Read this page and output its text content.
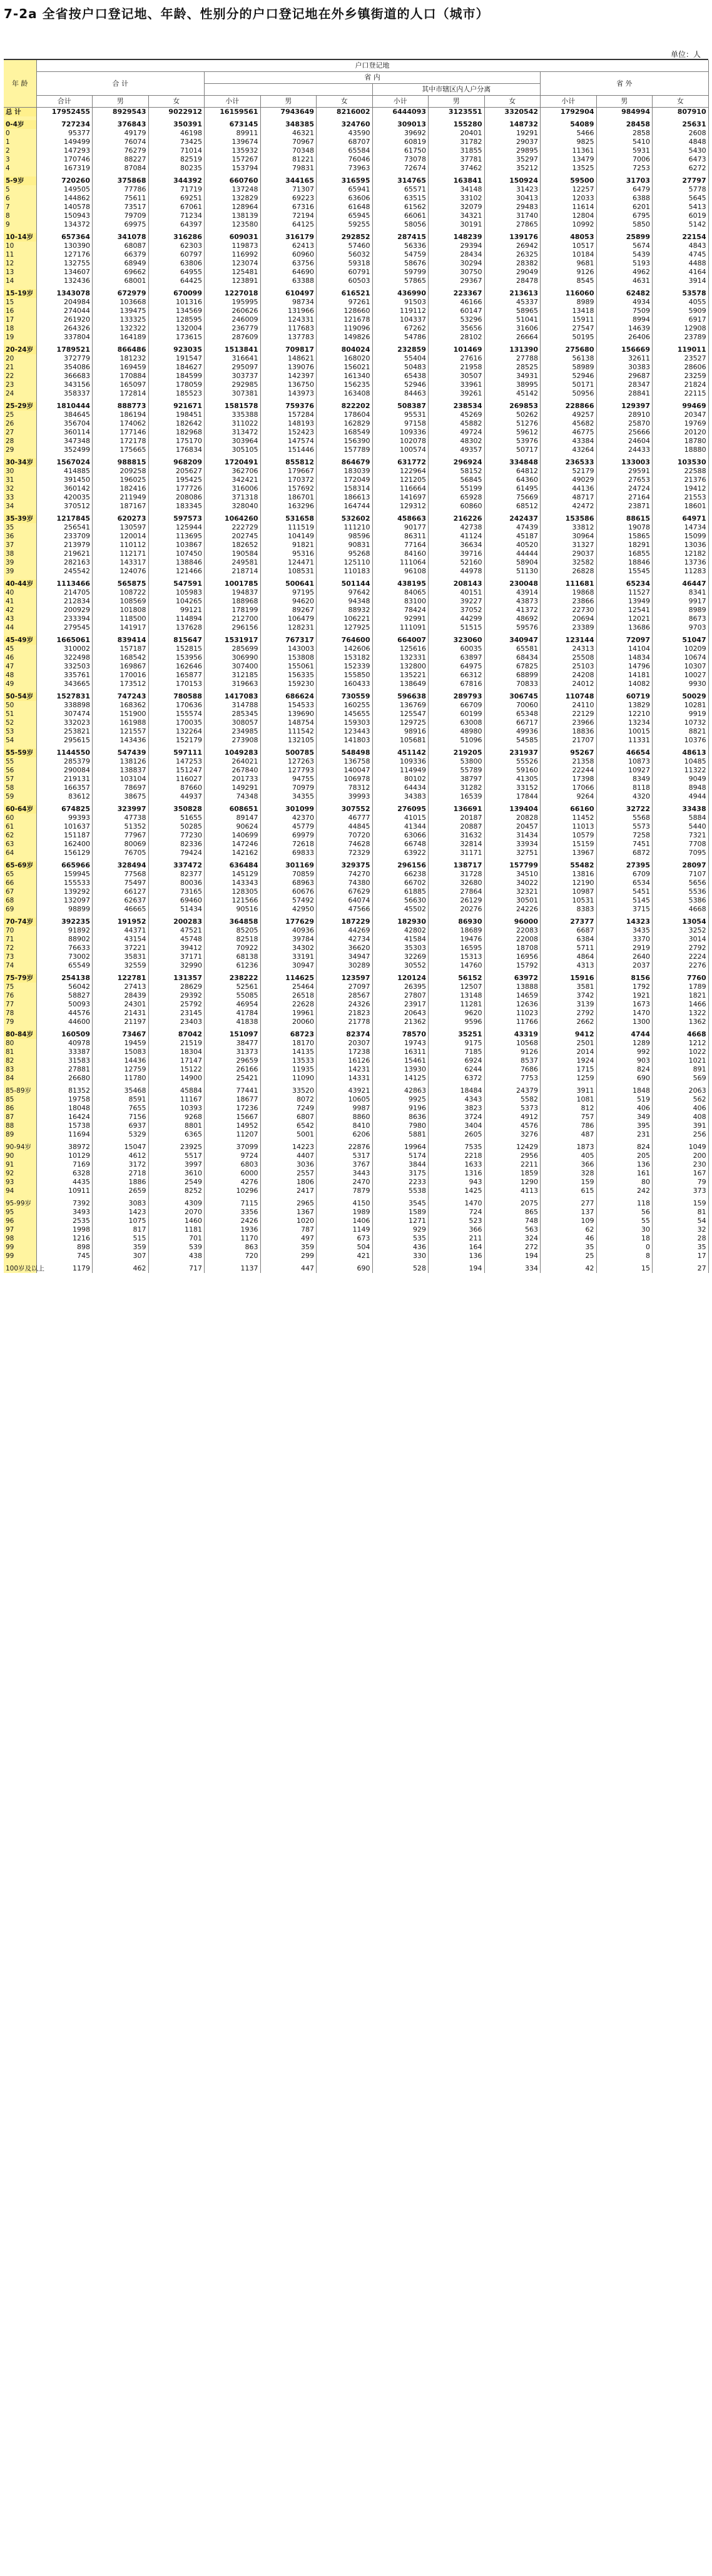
7-2a 全省按户口登记地、年龄、性别分的户口登记地在外乡镇街道的人口（城市）
单位：人
年 龄	户口登记地											
	合 计			省 内						省 外		
							其中市辖区内人户分离					
	合计	男	女	小计	男	女	小计	男	女	小计	男	女
总 计	17952455	8929543	9022912	16159561	7943649	8216002	6444093	3123551	3320542	1792904	984994	807910

0-4岁	727234	376843	350391	673145	348385	324760	309013	155280	148732	54089	28458	25631
0	95377	49179	46198	89911	46321	43590	39692	20401	19291	5466	2858	2608
1	149499	76074	73425	139674	70967	68707	60819	31782	29037	9825	5410	4848
2	147293	76279	71014	135932	70348	65584	61750	31855	29895	11361	5931	5430
3	170746	88227	82519	157267	81221	76046	73078	37781	35297	13479	7006	6473
4	167319	87084	80235	153794	79831	73963	72674	37462	35212	13525	7253	6272

5-9岁	720260	375868	344392	660760	344165	316595	314765	163841	150924	59500	31703	27797
5	149505	77786	71719	137248	71307	65941	65571	34148	31423	12257	6479	5778
6	144862	75611	69251	132829	69223	63606	63515	33102	30413	12033	6388	5645
7	140578	73517	67061	128964	67316	61648	61562	32079	29483	11614	6201	5413
8	150943	79709	71234	138139	72194	65945	66061	34321	31740	12804	6795	6019
9	134372	69975	64397	123580	64125	59255	58056	30191	27865	10992	5850	5142

10-14岁	657364	341078	316286	609031	316179	292852	287415	148239	139176	48053	25899	22154
10	130390	68087	62303	119873	62413	57460	56336	29394	26942	10517	5674	4843
11	127176	66379	60797	116992	60960	56032	54759	28434	26325	10184	5439	4745
12	132755	68949	63806	123074	63756	59318	58676	30294	28382	9681	5193	4488
13	134607	69662	64955	125481	64690	60791	59799	30750	29049	9126	4962	4164
14	132436	68001	64425	123891	63388	60503	57865	29367	28478	8545	4631	3914

15-19岁	1343078	672979	670099	1227018	610497	616521	436990	223367	213613	116060	62482	53578
15	204984	103668	101316	195995	98734	97261	91503	46166	45337	8989	4934	4055
16	274044	139475	134569	260626	131966	128660	119112	60147	58965	13418	7509	5909
17	261920	133325	128595	246009	124331	121678	104337	53296	51041	15911	8994	6917
18	264326	132322	132004	236779	117683	119096	67262	35656	31606	27547	14639	12908
19	337804	164189	173615	287609	137783	149826	54786	28102	26664	50195	26406	23789

20-24岁	1789521	866486	923035	1513841	709817	804024	232859	101469	131390	275680	156669	119011
20	372779	181232	191547	316641	148621	168020	55404	27616	27788	56138	32611	23527
21	354086	169459	184627	295097	139076	156021	50483	21958	28525	58989	30383	28606
22	366683	170884	184599	303737	142397	161340	65438	30507	34931	52946	29687	23259
23	343156	165097	178059	292985	136750	156235	52946	33961	38995	50171	28347	21824
24	358337	172814	185523	307381	143973	163408	84463	39261	45142	50956	28841	22115

25-29岁	1810444	888773	921671	1581578	759376	822202	508387	238534	269853	228866	129397	99469
25	384645	186194	198451	335388	157284	178604	95531	45269	50262	49257	28910	20347
26	356704	174062	182642	311022	148193	162829	97158	45882	51276	45682	25870	19769
27	360114	177146	182968	313472	152423	168549	109336	49724	59612	46775	25666	20120
28	347348	172178	175170	303964	147574	156390	102078	48302	53976	43384	24604	18780
29	352499	175665	176834	305105	151446	157789	100574	49357	50717	43264	24433	18880

30-34岁	1567024	988815	968209	1720491	855812	864679	631772	296924	334848	236533	133003	103530
30	414885	209258	205627	362706	179667	183039	122964	58152	64812	52179	29591	22588
31	391450	196025	195425	342421	170372	172049	121205	56845	64360	49029	27653	21376
32	360142	182416	177726	316006	157692	158314	116664	55199	61495	44136	24724	19412
33	420035	211949	208086	371318	186701	186613	141697	65928	75669	48717	27164	21553
34	370512	187167	183345	328040	163296	164744	129312	60860	68512	42472	23871	18601

35-39岁	1217845	620273	597573	1064260	531658	532602	458663	216226	242437	153586	88615	64971
35	256541	130597	125944	222729	111519	111210	90177	42738	47439	33812	19078	14734
36	233709	120014	113695	202745	104149	98596	86311	41124	45187	30964	15865	15099
37	213979	110112	103867	182652	91821	90831	77164	36634	40520	31327	18291	13036
38	219621	112171	107450	190584	95316	95268	84160	39716	44444	29037	16855	12182
39	282163	143317	138846	249581	124471	125110	111064	52160	58904	32582	18846	13736
39	245542	124076	121466	218714	108531	110183	96108	44978	51130	26828	15545	11283

40-44岁	1113466	565875	547591	1001785	500641	501144	438195	208143	230048	111681	65234	46447
40	214705	108722	105983	194837	97195	97642	84065	40151	43914	19868	11527	8341
41	212834	108569	104265	188968	94620	94348	83100	39227	43873	23866	13949	9917
42	200929	101808	99121	178199	89267	88932	78424	37052	41372	22730	12541	8989
43	233394	118500	114894	212700	106479	106221	92991	44299	48692	20694	12021	8673
44	279545	141917	137628	296156	128231	127925	111091	51515	59576	23389	13686	9703

45-49岁	1665061	839414	815647	1531917	767317	764600	664007	323060	340947	123144	72097	51047
45	310002	157187	152815	285699	143003	142606	125616	60035	65581	24313	14104	10209
46	322498	168542	153956	306990	153808	153182	132331	63897	68434	25508	14834	10674
47	332503	169867	162646	307400	155061	152339	132800	64975	67825	25103	14796	10307
48	335761	170016	165877	312185	156335	155850	135221	66312	68899	24208	14181	10027
49	343665	173512	170153	319663	159230	160433	138649	67816	70833	24012	14082	9930

50-54岁	1527831	747243	780588	1417083	686624	730559	596638	289793	306745	110748	60719	50029
50	338898	168362	170636	314788	154533	160255	136769	66709	70060	24110	13829	10281
51	307474	151900	155574	285345	139690	145655	125547	60199	65348	22129	12210	9919
52	332023	161988	170035	308057	148754	159303	129725	63008	66717	23966	13234	10732
53	253821	121557	132264	234985	111542	123443	98916	48980	49936	18836	10015	8821
54	295615	143436	152179	273908	132105	141803	105681	51096	54585	21707	11331	10376

55-59岁	1144550	547439	597111	1049283	500785	548498	451142	219205	231937	95267	46654	48613
55	285379	138126	147253	264021	127263	136758	109336	53800	55526	21358	10873	10485
56	290084	138837	151247	267840	127793	140047	114949	55789	59160	22244	10927	11322
57	219131	103104	116027	201733	94755	106978	80102	38797	41305	17398	8349	9049
58	166357	78697	87660	149291	70979	78312	64434	31282	33152	17066	8118	8948
59	83612	38675	44937	74348	34355	39993	34383	16539	17844	9264	4320	4944

60-64岁	674825	323997	350828	608651	301099	307552	276095	136691	139404	66160	32722	33438
60	99393	47738	51655	89147	42370	46777	41015	20187	20828	11452	5568	5884
61	101637	51352	50285	90624	45779	44845	41344	20887	20457	11013	5573	5440
62	151187	77967	77230	140699	69979	70720	63066	31632	31434	10579	7258	7321
63	162400	80069	82336	147246	72618	74628	66748	32814	33934	15159	7451	7708
64	156129	76705	79424	142162	69833	72329	63922	31171	32751	13967	6872	7095

65-69岁	665966	328494	337472	636484	301169	329375	296156	138717	157799	55482	27395	28097
65	159945	77568	82377	145129	70859	74270	66238	31728	34510	13816	6709	7107
66	155533	75497	80036	143343	68963	74380	66702	32680	34022	12190	6534	5656
67	139292	66127	73165	128305	60676	67629	61885	27864	32321	10987	5451	5536
68	132097	62637	69460	121566	57492	64074	56630	26129	30501	10531	5145	5386
69	98899	46665	51434	90516	42950	47566	45502	20276	24226	8383	3715	4668

70-74岁	392235	191952	200283	364858	177629	187229	182930	86930	96000	27377	14323	13054
70	91892	44371	47521	85205	40936	44269	42802	18689	22083	6687	3435	3252
71	88902	43154	45748	82518	39784	42734	41584	19476	22008	6384	3370	3014
72	76633	37221	39412	70922	34302	36620	35303	16595	18708	5711	2919	2792
73	73002	35831	37171	68138	33191	34947	32269	15313	16956	4864	2640	2224
74	65549	32559	32990	61236	30947	30289	30552	14760	15792	4313	2037	2276

75-79岁	254138	122781	131357	238222	114625	123597	120124	56152	63972	15916	8156	7760
75	56042	27413	28629	52561	25464	27097	26395	12507	13888	3581	1792	1789
76	58827	28439	29392	55085	26518	28567	27807	13148	14659	3742	1921	1821
77	50093	24301	25792	46954	22628	24326	23917	11281	12636	3139	1673	1466
78	44576	21431	23145	41784	19961	21823	20643	9620	11023	2792	1470	1322
79	44600	21197	23403	41838	20060	21778	21362	9596	11766	2662	1300	1362

80-84岁	160509	73467	87042	151097	68723	82374	78570	35251	43319	9412	4744	4668
80	40978	19459	21519	38477	18170	20307	19743	9175	10568	2501	1289	1212
81	33387	15083	18304	31373	14135	17238	16311	7185	9126	2014	992	1022
82	31583	14436	17147	29659	13533	16126	15461	6924	8537	1924	903	1021
83	27881	12759	15122	26166	11935	14231	13930	6244	7686	1715	824	891
84	26680	11780	14900	25421	11090	14331	14125	6372	7753	1259	690	569

85-89岁	81352	35468	45884	77441	33520	43921	42863	18484	24379	3911	1848	2063
85	19758	8591	11167	18677	8072	10605	9925	4343	5582	1081	519	562
86	18048	7655	10393	17236	7249	9987	9196	3823	5373	812	406	406
87	16424	7156	9268	15667	6807	8860	8636	3724	4912	757	349	408
88	15738	6937	8801	14952	6542	8410	7980	3404	4576	786	395	391
89	11694	5329	6365	11207	5001	6206	5881	2605	3276	487	231	256

90-94岁	38972	15047	23925	37099	14223	22876	19964	7535	12429	1873	824	1049
90	10129	4612	5517	9724	4407	5317	5174	2218	2956	405	205	200
91	7169	3172	3997	6803	3036	3767	3844	1633	2211	366	136	230
92	6328	2718	3610	6000	2557	3443	3175	1316	1859	328	161	167
93	4435	1886	2549	4276	1806	2470	2233	943	1290	159	80	79
94	10911	2659	8252	10296	2417	7879	5538	1425	4113	615	242	373

95-99岁	7392	3083	4309	7115	2965	4150	3545	1470	2075	277	118	159
95	3493	1423	2070	3356	1367	1989	1589	724	865	137	56	81
96	2535	1075	1460	2426	1020	1406	1271	523	748	109	55	54
97	1998	817	1181	1936	787	1149	929	366	563	62	30	32
98	1216	515	701	1170	497	673	535	211	324	46	18	28
99	898	359	539	863	359	504	436	164	272	35	0	35
99	745	307	438	720	299	421	330	136	194	25	8	17

100岁及以上	1179	462	717	1137	447	690	528	194	334	42	15	27
